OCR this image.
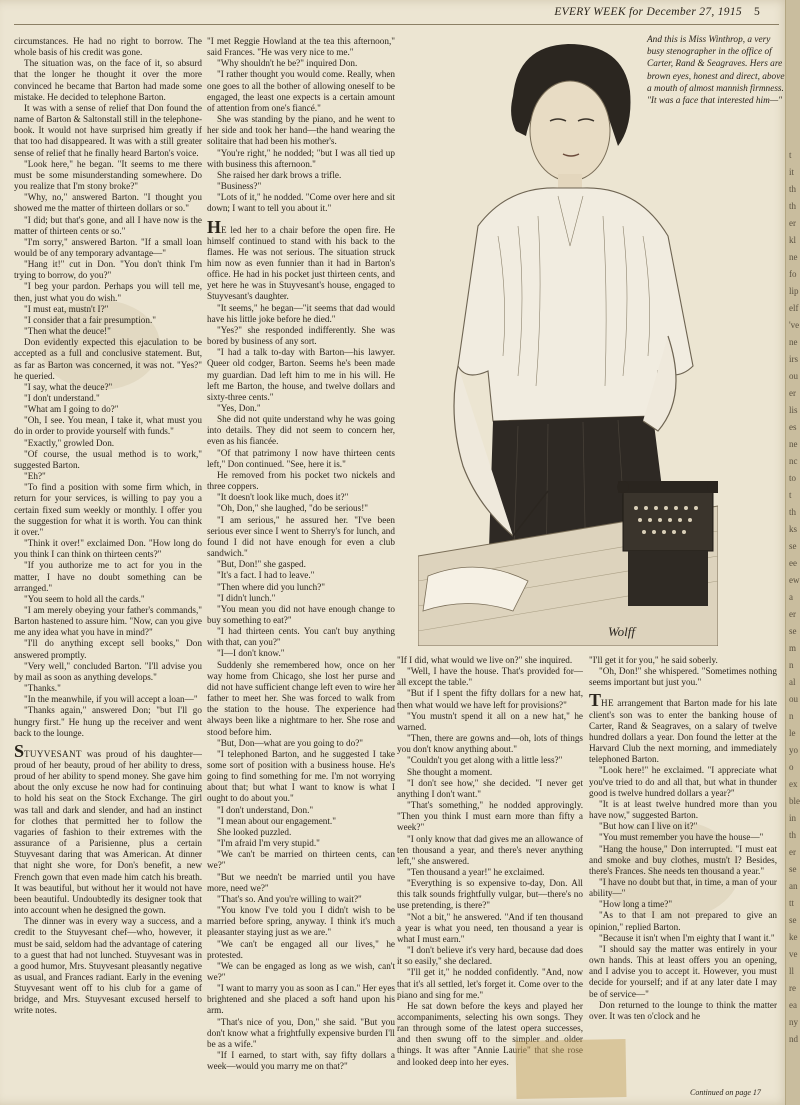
EVERY WEEK for December 27, 1915 5

circumstances. He had no right to borrow. The whole basis of his credit was gone.

The situation was, on the face of it, so absurd that the longer he thought it over the more convinced he became that Barton had made some mistake. He decided to telephone Barton.

It was with a sense of relief that Don found the name of Barton & Saltonstall still in the telephone-book. It would not have surprised him greatly if that too had disappeared. It was with a still greater sense of relief that he finally heard Barton's voice.

"Look here," he began. "It seems to me there must be some misunderstanding somewhere. Do you realize that I'm stony broke?"

"Why, no," answered Barton. "I thought you showed me the matter of thirteen dollars or so."

"I did; but that's gone, and all I have now is the matter of thirteen cents or so."

"I'm sorry," answered Barton. "If a small loan would be of any temporary advantage—"

"Hang it!" cut in Don. "You don't think I'm trying to borrow, do you?"

"I beg your pardon. Perhaps you will tell me, then, just what you do wish."

"I must eat, mustn't I?"

"I consider that a fair presumption."

"Then what the deuce!"

Don evidently expected this ejaculation to be accepted as a full and conclusive statement. But, as far as Barton was concerned, it was not. "Yes?" he queried.

"I say, what the deuce?"

"I don't understand."

"What am I going to do?"

"Oh, I see. You mean, I take it, what must you do in order to provide yourself with funds."

"Exactly," growled Don.

"Of course, the usual method is to work," suggested Barton.

"Eh?"

"To find a position with some firm which, in return for your services, is willing to pay you a certain fixed sum weekly or monthly. I offer you the suggestion for what it is worth. You can think it over."

"Think it over!" exclaimed Don. "How long do you think I can think on thirteen cents?"

"If you authorize me to act for you in the matter, I have no doubt something can be arranged."

"You seem to hold all the cards."

"I am merely obeying your father's commands," Barton hastened to assure him. "Now, can you give me any idea what you have in mind?"

"I'll do anything except sell books," Don answered promptly.

"Very well," concluded Barton. "I'll advise you by mail as soon as anything develops."

"Thanks."

"In the meanwhile, if you will accept a loan—"

"Thanks again," answered Don; "but I'll go hungry first." He hung up the receiver and went back to the lounge.

STUYVESANT was proud of his daughter—proud of her beauty, proud of her ability to dress, proud of her ability to spend money. She gave him about the only excuse he now had for continuing to hold his seat on the Stock Exchange. The girl was tall and dark and slender, and had an instinct for clothes that permitted her to follow the vagaries of fashion to their extremes with the assurance of a Parisienne, plus a certain Stuyvesant daring that was American. At dinner that night she wore, for Don's benefit, a new French gown that even made him catch his breath. It was beautiful, but without her it would not have been beautiful. Undoubtedly its designer took that into account when he designed the gown.

The dinner was in every way a success, and a credit to the Stuyvesant chef—who, however, it must be said, seldom had the advantage of catering to a guest that had not lunched. Stuyvesant was in a good humor, Mrs. Stuyvesant pleasantly negative as usual, and Frances radiant. Early in the evening Stuyvesant went off to his club for a game of bridge, and Mrs. Stuyvesant excused herself to write notes.

"I met Reggie Howland at the tea this afternoon," said Frances. "He was very nice to me."

"Why shouldn't he be?" inquired Don.

"I rather thought you would come. Really, when one goes to all the bother of allowing oneself to be engaged, the least one expects is a certain amount of attention from one's fiancé."

She was standing by the piano, and he went to her side and took her hand—the hand wearing the solitaire that had been his mother's.

"You're right," he nodded; "but I was all tied up with business this afternoon."

She raised her dark brows a trifle.

"Business?"

"Lots of it," he nodded. "Come over here and sit down; I want to tell you about it."

HE led her to a chair before the open fire. He himself continued to stand with his back to the flames. He was not serious. The situation struck him now as even funnier than it had in Barton's office. He had in his pocket just thirteen cents, and yet here he was in Stuyvesant's house, engaged to Stuyvesant's daughter.

"It seems," he began—"it seems that dad would have his little joke before he died."

"Yes?" she responded indifferently. She was bored by business of any sort.

"I had a talk to-day with Barton—his lawyer. Queer old codger, Barton. Seems he's been made my guardian. Dad left him to me in his will. He left me Barton, the house, and twelve dollars and sixty-three cents."

"Yes, Don."

She did not quite understand why he was going into details. They did not seem to concern her, even as his fiancée.

"Of that patrimony I now have thirteen cents left," Don continued. "See, here it is."

He removed from his pocket two nickels and three coppers.

"It doesn't look like much, does it?"

"Oh, Don," she laughed, "do be serious!"

"I am serious," he assured her. "I've been serious ever since I went to Sherry's for lunch, and found I did not have enough for even a club sandwich."

"But, Don!" she gasped.

"It's a fact. I had to leave."

"Then where did you lunch?"

"I didn't lunch."

"You mean you did not have enough change to buy something to eat?"

"I had thirteen cents. You can't buy anything with that, can you?"

"I—I don't know."

Suddenly she remembered how, once on her way home from Chicago, she lost her purse and did not have sufficient change left even to wire her father to meet her. She was forced to walk from the station to the house. The experience had always been like a nightmare to her. She rose and stood before him.

"But, Don—what are you going to do?"

"I telephoned Barton, and he suggested I take some sort of position with a business house. He's going to find something for me. I'm not worrying about that; but what I want to know is what I ought to do about you."

"I don't understand, Don."

"I mean about our engagement."

She looked puzzled.

"I'm afraid I'm very stupid."

"We can't be married on thirteen cents, can we?"

"But we needn't be married until you have more, need we?"

"That's so. And you're willing to wait?"

"You know I've told you I didn't wish to be married before spring, anyway. I think it's much pleasanter staying just as we are."

"We can't be engaged all our lives," he protested.

"We can be engaged as long as we wish, can't we?"

"I want to marry you as soon as I can." Her eyes brightened and she placed a soft hand upon his arm.

"That's nice of you, Don," she said. "But you don't know what a frightfully expensive burden I'll be as a wife."

"If I earned, to start with, say fifty dollars a week—would you marry me on that?"

Wolff
And this is Miss Winthrop, a very busy stenographer in the office of Carter, Rand & Seagraves. Hers are brown eyes, honest and direct, above a mouth of almost mannish firmness. "It was a face that interested him—"

"If I did, what would we live on?" she inquired.

"Well, I have the house. That's provided for—all except the table."

"But if I spent the fifty dollars for a new hat, then what would we have left for provisions?"

"You mustn't spend it all on a new hat," he warned.

"Then, there are gowns and—oh, lots of things you don't know anything about."

"Couldn't you get along with a little less?"

She thought a moment.

"I don't see how," she decided. "I never get anything I don't want."

"That's something," he nodded approvingly. "Then you think I must earn more than fifty a week?"

"I only know that dad gives me an allowance of ten thousand a year, and there's never anything left," she answered.

"Ten thousand a year!" he exclaimed.

"Everything is so expensive to-day, Don. All this talk sounds frightfully vulgar, but—there's no use pretending, is there?"

"Not a bit," he answered. "And if ten thousand a year is what you need, ten thousand a year is what I must earn."

"I don't believe it's very hard, because dad does it so easily," she declared.

"I'll get it," he nodded confidently. "And, now that it's all settled, let's forget it. Come over to the piano and sing for me."

He sat down before the keys and played her accompaniments, selecting his own songs. They ran through some of the latest opera successes, and then swung off to the simpler and older things. It was after "Annie Laurie" that she rose and looked deep into her eyes.

"I'll get it for you," he said soberly.

"Oh, Don!" she whispered. "Sometimes nothing seems important but just you."

THE arrangement that Barton made for his late client's son was to enter the banking house of Carter, Rand & Seagraves, on a salary of twelve hundred dollars a year. Don found the letter at the Harvard Club the next morning, and immediately telephoned Barton.

"Look here!" he exclaimed. "I appreciate what you've tried to do and all that, but what in thunder good is twelve hundred dollars a year?"

"It is at least twelve hundred more than you have now," suggested Barton.

"But how can I live on it?"

"You must remember you have the house—"

"Hang the house," Don interrupted. "I must eat and smoke and buy clothes, mustn't I? Besides, there's Frances. She needs ten thousand a year."

"I have no doubt but that, in time, a man of your ability—"

"How long a time?"

"As to that I am not prepared to give an opinion," replied Barton.

"Because it isn't when I'm eighty that I want it."

"I should say the matter was entirely in your own hands. This at least offers you an opening, and I advise you to accept it. However, you must decide for yourself; and if at any later date I may be of service—"

Don returned to the lounge to think the matter over. It was ten o'clock and he

Continued on page 17
t
it
th
th
er
kl
ne
fo
lip
elf
've
ne
irs
ou
er
lis
es
ne
nc
to
t
th
ks
se
ee
ew
a
er
se
m
n
al
ou
n
le
yo
o
ex
ble
in
th
er
se
an
tt
se
ke
ve
ll
re
ea
ny
nd
